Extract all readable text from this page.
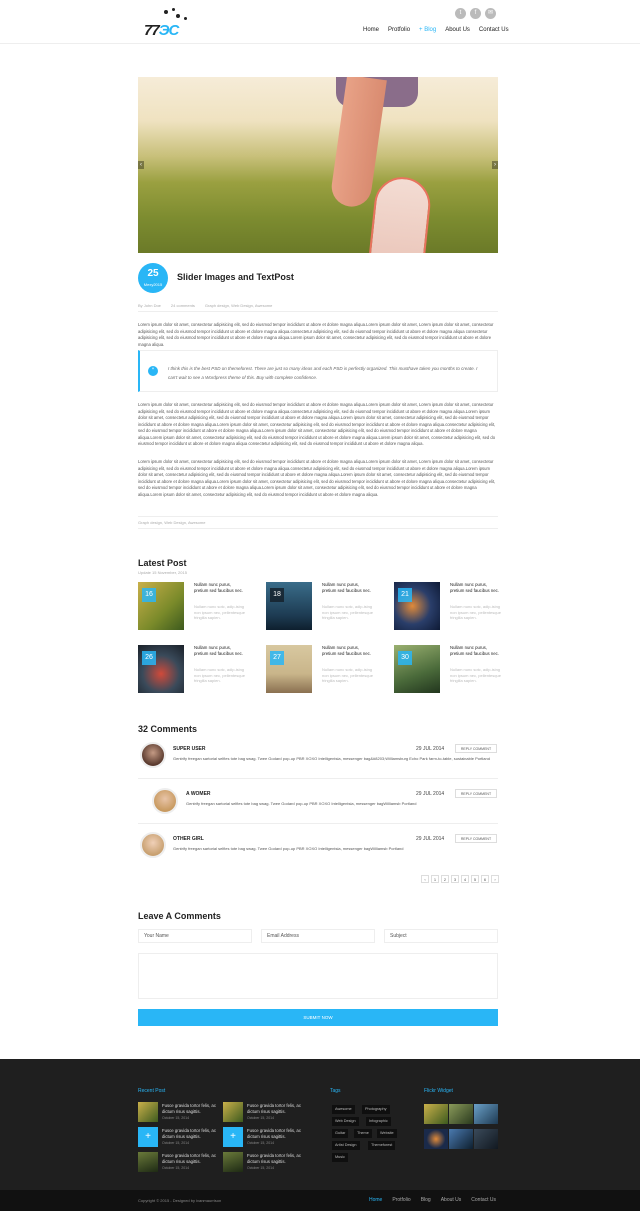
77ЭC
t	f	✉
Home Protfolio + Blog About Us Contact Us
‹	›
25
Mexy2015
Slider Images and TextPost
By John Doe	24 comments	Graph design, Web Design, Awesome

Lorem ipsum dolor sit amet, consectetur adipisicing elit, sed do eiusmod tempor incididunt ut abore et dolore magna aliqua.Lorem ipsum dolor sit amet, Lorem ipsum dolor sit amet, consectetur adipisicing elit, sed do eiusmod tempor incididunt ut abore et dolore magna aliqua.consectetur adipisicing elit, sed do eiusmod tempor incididunt ut abore et dolore magna aliqua consectetur adipisicing elit, sed do eiusmod tempor incididunt ut abore et dolore magna aliqua.Lorem ipsum dolor sit amet, consectetur adipisicing elit, sed do eiusmod tempor incididunt ut abore et dolore magna aliqua.

“	I think this is the best PSD on themeforest. There are just so many ideas and each PSD is perfectly organized. This musthave taken you months to create. I can't wait to see a Wordpress theme of this. Buy with complete confidence.

Lorem ipsum dolor sit amet, consectetur adipisicing elit, sed do eiusmod tempor incididunt ut abore et dolore magna aliqua.Lorem ipsum dolor sit amet, Lorem ipsum dolor sit amet, consectetur adipisicing elit, sed do eiusmod tempor incididunt ut abore et dolore magna aliqua.consectetur adipisicing elit, sed do eiusmod tempor incididunt ut abore et dolore magna aliqua.Lorem ipsum dolor sit amet, consectetur adipisicing elit, sed do eiusmod tempor incididunt ut abore et dolore magna aliqua.Lorem ipsum dolor sit amet, consectetur adipisicing elit, sed do eiusmod tempor incididunt ut abore et dolore magna aliqua.Lorem ipsum dolor sit amet, consectetur adipisicing elit, sed do eiusmod tempor incididunt ut abore et dolore magna aliqua.consectetur adipisicing elit, sed do eiusmod tempor incididunt ut abore et dolore magna aliqua.Lorem ipsum dolor sit amet, consectetur adipisicing elit, sed do eiusmod tempor incididunt ut abore et dolore magna aliqua.Lorem ipsum dolor sit amet, consectetur adipisicing elit, sed do eiusmod tempor incididunt ut abore et dolore magna aliqua.Lorem ipsum dolor sit amet, consectetur adipisicing elit, sed do eiusmod tempor incididunt ut abore et dolore magna aliqua consectetur adipisicing elit, sed do eiusmod tempor incididunt ut abore et dolore magna aliqua.

Lorem ipsum dolor sit amet, consectetur adipisicing elit, sed do eiusmod tempor incididunt ut abore et dolore magna aliqua.Lorem ipsum dolor sit amet, Lorem ipsum dolor sit amet, consectetur adipisicing elit, sed do eiusmod tempor incididunt ut abore et dolore magna aliqua.consectetur adipisicing elit, sed do eiusmod tempor incididunt ut abore et dolore magna aliqua.Lorem ipsum dolor sit amet, consectetur adipisicing elit, sed do eiusmod tempor incididunt ut abore et dolore magna aliqua.Lorem ipsum dolor sit amet, consectetur adipisicing elit, sed do eiusmod tempor incididunt ut abore et dolore magna aliqua.Lorem ipsum dolor sit amet, consectetur adipisicing elit, sed do eiusmod tempor incididunt ut abore et dolore magna aliqua.consectetur adipisicing elit, sed do eiusmod tempor incididunt ut abore et dolore magna aliqua.Lorem ipsum dolor sit amet, consectetur adipisicing elit, sed do eiusmod tempor incididunt ut abore et dolore magna aliqua.Lorem ipsum dolor sit amet, consectetur adipisicing elit, sed do eiusmod tempor incididunt ut abore et dolore magna aliqua.

Graph design, Web Design, Awesome
Latest Post
Update 15 November, 2015
16

Nullam nunc purus, pretium sed faucibus nec.

Nullam nunc sotc, adip-ising non ipsum nec, pellentesque fringilla sapien.

18

Nullam nunc purus, pretium sed faucibus nec.

Nullam nunc sotc, adip-ising non ipsum nec, pellentesque fringilla sapien.

21

Nullam nunc purus, pretium sed faucibus nec.

Nullam nunc sotc, adip-ising non ipsum nec, pellentesque fringilla sapien.

26

Nullam nunc purus, pretium sed faucibus nec.

Nullam nunc sotc, adip-ising non ipsum nec, pellentesque fringilla sapien.

27

Nullam nunc purus, pretium sed faucibus nec.

Nullam nunc sotc, adip-ising non ipsum nec, pellentesque fringilla sapien.

30

Nullam nunc purus, pretium sed faucibus nec.

Nullam nunc sotc, adip-ising non ipsum nec, pellentesque fringilla sapien.

32 Comments
SUPER USER	29 JUL 2014	REPLY COMMENT

Gentrify freegan sartorial selfies tote bag swag. Twee Godard pop-up PBR XOXO Intelligentsia, messenger bag&#8203;Williamsburg Echo Park farm-to-table, sustainable Portland

A WOMER	29 JUL 2014	REPLY COMMENT

Gentrify freegan sartorial selfies tote bag swag. Twee Godard pop-up PBR XOXO Intelligentsia, messenger bagWilliamsb Portland

OTHER GIRL	29 JUL 2014	REPLY COMMENT

Gentrify freegan sartorial selfies tote bag swag. Twee Godard pop-up PBR XOXO Intelligentsia, messenger bagWilliamsb Portland

‹	1	2	3	4	5	6	›
Leave A Comments
Your Name	Email Address	Subject
SUBMIT NOW
Recent Post	Tags	Flickr Widget

Fusce gravida tortor felis, ac dictum risus sagittis.

October 15, 2014

Fusce gravida tortor felis, ac dictum risus sagittis.

October 15, 2014
+

Fusce gravida tortor felis, ac dictum risus sagittis.

October 15, 2014
+

Fusce gravida tortor felis, ac dictum risus sagittis.

October 15, 2014

Fusce gravida tortor felis, ac dictum risus sagittis.

October 15, 2014

Fusce gravida tortor felis, ac dictum risus sagittis.

October 15, 2014
Awesome	Photography
Web Design	Infographic
Guitar	Theme	Website
Artist Design	Themeforest
Music
Copyright © 2015 - Designed by ivanmaurrison	Home Protfolio Blog About Us Contact Us
